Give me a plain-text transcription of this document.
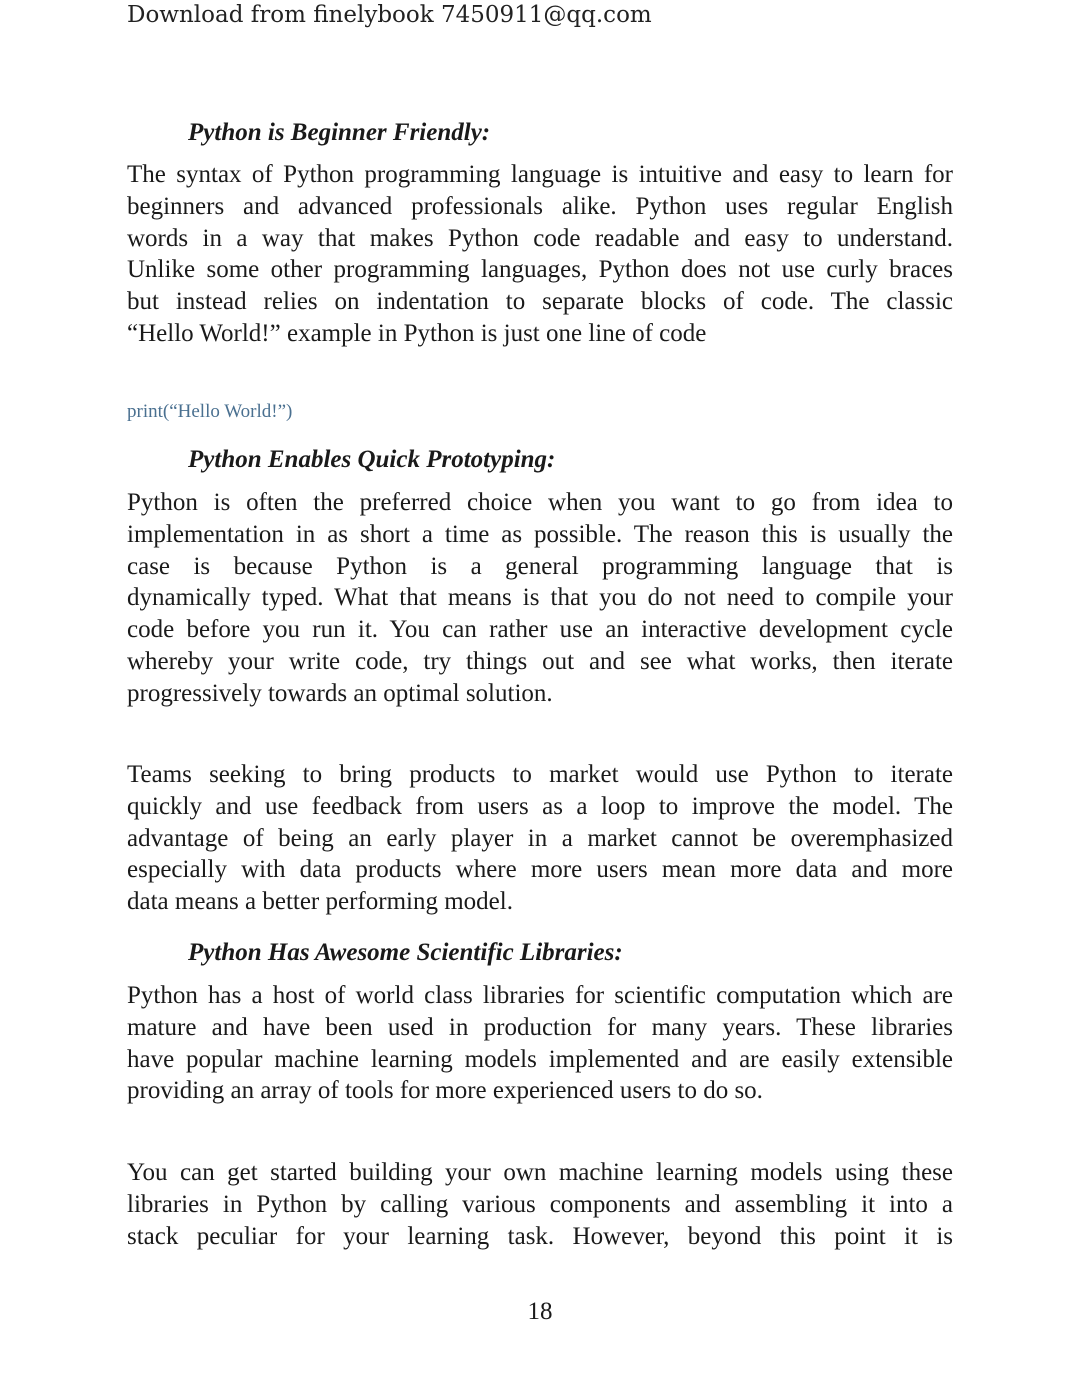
Download from finelybook 7450911@qq.com
Python is Beginner Friendly:
The syntax of Python programming language is intuitive and easy to learn for
beginners and advanced professionals alike. Python uses regular English
words in a way that makes Python code readable and easy to understand.
Unlike some other programming languages, Python does not use curly braces
but instead relies on indentation to separate blocks of code. The classic
“Hello World!” example in Python is just one line of code
print(“Hello World!”)
Python Enables Quick Prototyping:
Python is often the preferred choice when you want to go from idea to
implementation in as short a time as possible. The reason this is usually the
case is because Python is a general programming language that is
dynamically typed. What that means is that you do not need to compile your
code before you run it. You can rather use an interactive development cycle
whereby your write code, try things out and see what works, then iterate
progressively towards an optimal solution.
Teams seeking to bring products to market would use Python to iterate
quickly and use feedback from users as a loop to improve the model. The
advantage of being an early player in a market cannot be overemphasized
especially with data products where more users mean more data and more
data means a better performing model.
Python Has Awesome Scientific Libraries:
Python has a host of world class libraries for scientific computation which are
mature and have been used in production for many years. These libraries
have popular machine learning models implemented and are easily extensible
providing an array of tools for more experienced users to do so.
You can get started building your own machine learning models using these
libraries in Python by calling various components and assembling it into a
stack peculiar for your learning task. However, beyond this point it is
18
